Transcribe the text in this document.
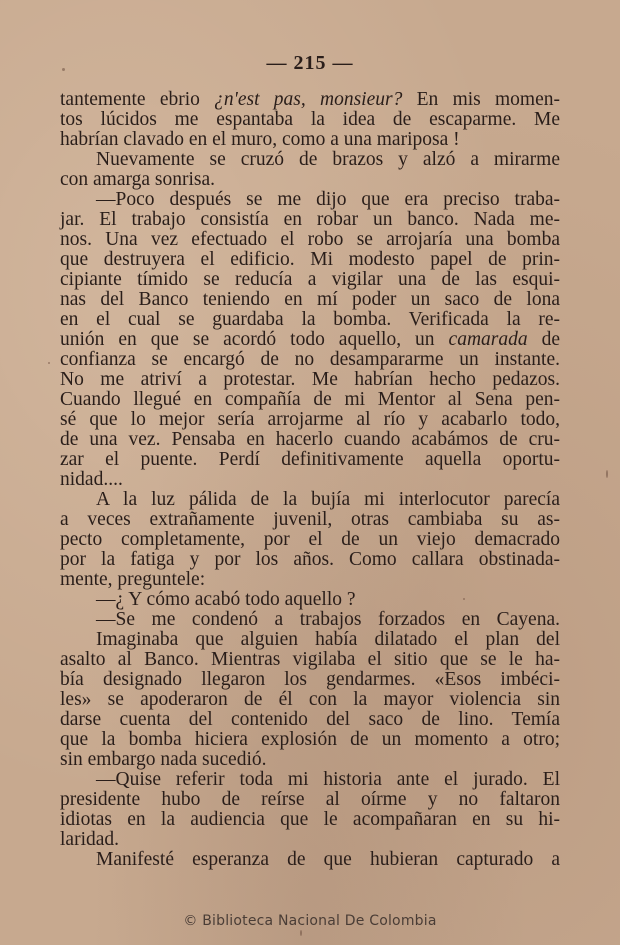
— 215 —
tantemente ebrio ¿n'est pas, monsieur? En mis momen-
tos lúcidos me espantaba la idea de escaparme. Me
habrían clavado en el muro, como a una mariposa !
Nuevamente se cruzó de brazos y alzó a mirarme
con amarga sonrisa.
—Poco después se me dijo que era preciso traba-
jar. El trabajo consistía en robar un banco. Nada me-
nos. Una vez efectuado el robo se arrojaría una bomba
que destruyera el edificio. Mi modesto papel de prin-
cipiante tímido se reducía a vigilar una de las esqui-
nas del Banco teniendo en mí poder un saco de lona
en el cual se guardaba la bomba. Verificada la re-
unión en que se acordó todo aquello, un camarada de
confianza se encargó de no desampararme un instante.
No me atriví a protestar. Me habrían hecho pedazos.
Cuando llegué en compañía de mi Mentor al Sena pen-
sé que lo mejor sería arrojarme al río y acabarlo todo,
de una vez. Pensaba en hacerlo cuando acabámos de cru-
zar el puente. Perdí definitivamente aquella oportu-
nidad....
A la luz pálida de la bujía mi interlocutor parecía
a veces extrañamente juvenil, otras cambiaba su as-
pecto completamente, por el de un viejo demacrado
por la fatiga y por los años. Como callara obstinada-
mente, preguntele:
—¿ Y cómo acabó todo aquello ?
—Se me condenó a trabajos forzados en Cayena.
Imaginaba que alguien había dilatado el plan del
asalto al Banco. Mientras vigilaba el sitio que se le ha-
bía designado llegaron los gendarmes. «Esos imbéci-
les» se apoderaron de él con la mayor violencia sin
darse cuenta del contenido del saco de lino. Temía
que la bomba hiciera explosión de un momento a otro;
sin embargo nada sucedió.
—Quise referir toda mi historia ante el jurado. El
presidente hubo de reírse al oírme y no faltaron
idiotas en la audiencia que le acompañaran en su hi-
laridad.
Manifesté esperanza de que hubieran capturado a
© Biblioteca Nacional De Colombia
